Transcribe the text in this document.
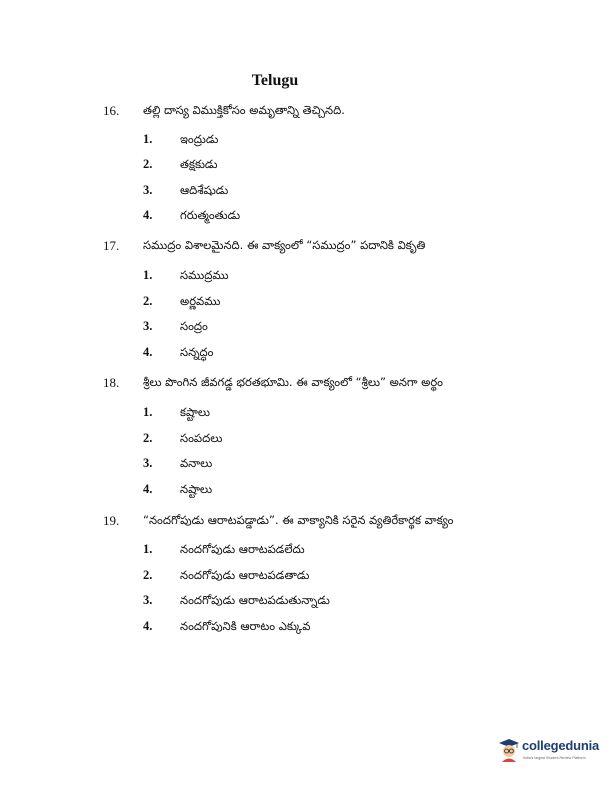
Telugu
16. తల్లి దాస్య విముక్తికోసం అమృతాన్ని తెచ్చినది.
1. ఇంద్రుడు
2. తక్షకుడు
3. ఆదిశేషుడు
4. గరుత్మంతుడు
17. సముద్రం విశాలమైనది. ఈ వాక్యంలో “సముద్రం” పదానికి వికృతి
1. సముద్రము
2. అర్ణవము
3. సంద్రం
4. సన్నద్ధం
18. శ్రీలు పొంగిన జీవగడ్డ భరతభూమి. ఈ వాక్యంలో “శ్రీలు” అనగా అర్థం
1. కష్టాలు
2. సంపదలు
3. వనాలు
4. నష్టాలు
19. “నందగోపుడు ఆరాటపడ్డాడు”. ఈ వాక్యానికి సరైన వ్యతిరేకార్థక వాక్యం
1. నందగోపుడు ఆరాటపడలేదు
2. నందగోపుడు ఆరాటపడతాడు
3. నందగోపుడు ఆరాటపడుతున్నాడు
4. నందగోపునికి ఆరాటం ఎక్కువ
collegedunia
India's largest Student Review Platform
